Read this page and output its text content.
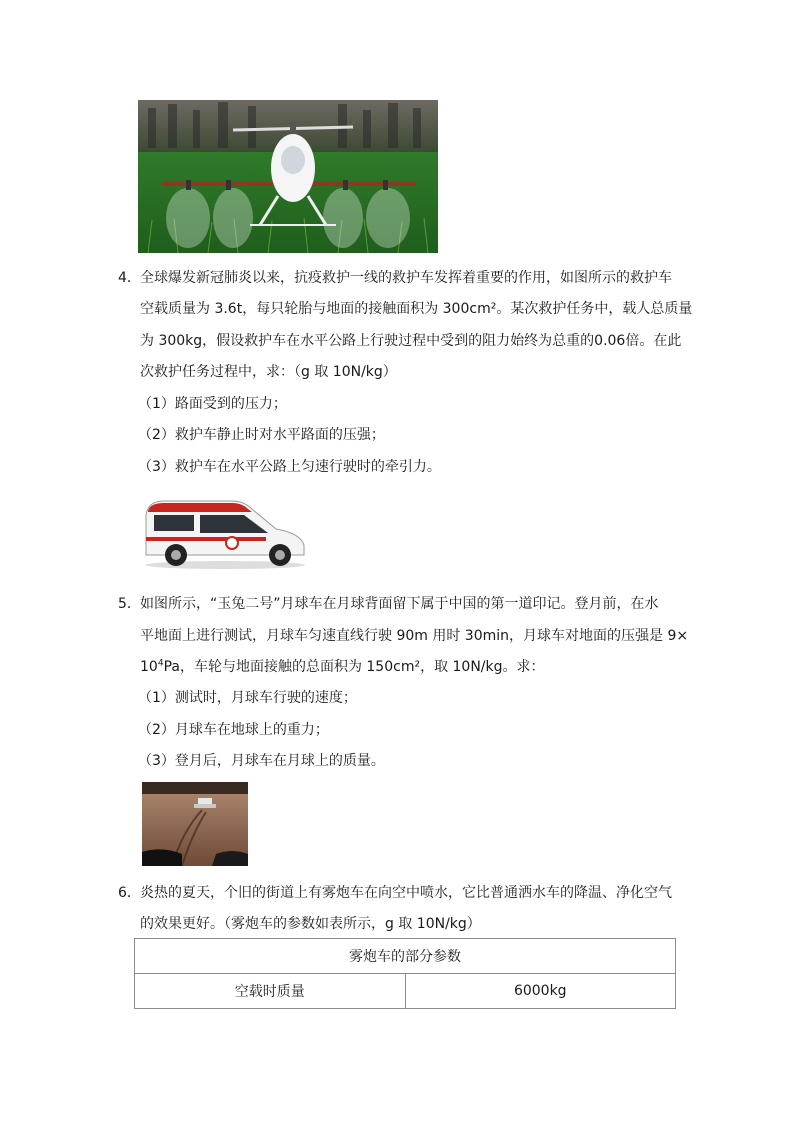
4． 全球爆发新冠肺炎以来，抗疫救护一线的救护车发挥着重要的作用，如图所示的救护车
空载质量为 3.6t，每只轮胎与地面的接触面积为 300cm²。某次救护任务中，载人总质量
为 300kg，假设救护车在水平公路上行驶过程中受到的阻力始终为总重的0.06倍。在此
次救护任务过程中，求：（g 取 10N/kg）
（1）路面受到的压力；
（2）救护车静止时对水平路面的压强；
（3）救护车在水平公路上匀速行驶时的牵引力。
5． 如图所示，“玉兔二号”月球车在月球背面留下属于中国的第一道印记。登月前，在水
平地面上进行测试，月球车匀速直线行驶 90m 用时 30min，月球车对地面的压强是 9×
$10^4Pa$，车轮与地面接触的总面积为 150cm²，取 10N/kg。求：
（1）测试时，月球车行驶的速度；
（2）月球车在地球上的重力；
（3）登月后，月球车在月球上的质量。
6． 炎热的夏天，个旧的街道上有雾炮车在向空中喷水，它比普通洒水车的降温、净化空气
的效果更好。（雾炮车的参数如表所示，g 取 10N/kg）
雾炮车的部分参数
空载时质量	6000kg
